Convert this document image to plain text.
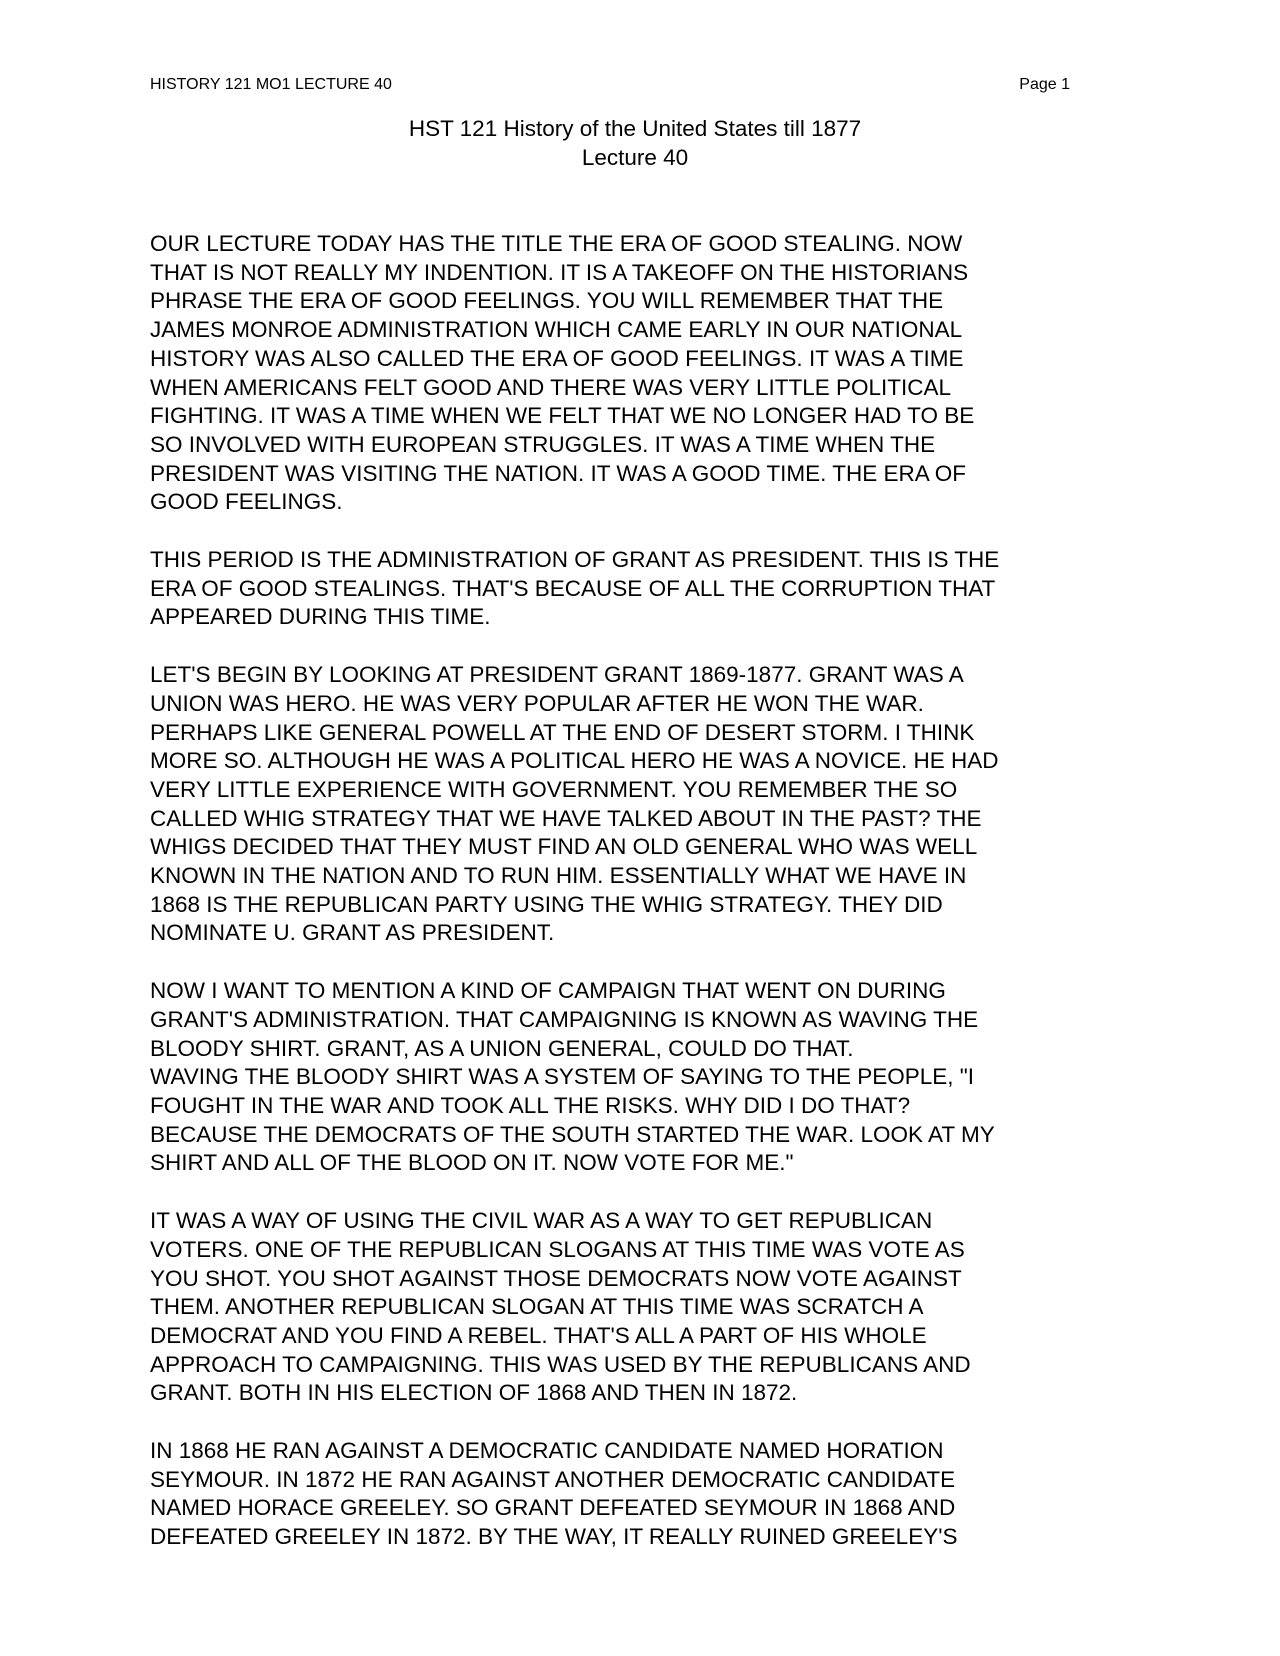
HISTORY 121 MO1 LECTURE 40	Page 1
HST 121 History of the United States till 1877
Lecture 40
OUR LECTURE TODAY HAS THE TITLE THE ERA OF GOOD STEALING. NOW
THAT IS NOT REALLY MY INDENTION. IT IS A TAKEOFF ON THE HISTORIANS
PHRASE THE ERA OF GOOD FEELINGS. YOU WILL REMEMBER THAT THE
JAMES MONROE ADMINISTRATION WHICH CAME EARLY IN OUR NATIONAL
HISTORY WAS ALSO CALLED THE ERA OF GOOD FEELINGS. IT WAS A TIME
WHEN AMERICANS FELT GOOD AND THERE WAS VERY LITTLE POLITICAL
FIGHTING. IT WAS A TIME WHEN WE FELT THAT WE NO LONGER HAD TO BE
SO INVOLVED WITH EUROPEAN STRUGGLES. IT WAS A TIME WHEN THE
PRESIDENT WAS VISITING THE NATION. IT WAS A GOOD TIME. THE ERA OF
GOOD FEELINGS.
THIS PERIOD IS THE ADMINISTRATION OF GRANT AS PRESIDENT. THIS IS THE
ERA OF GOOD STEALINGS. THAT'S BECAUSE OF ALL THE CORRUPTION THAT
APPEARED DURING THIS TIME.
LET'S BEGIN BY LOOKING AT PRESIDENT GRANT 1869-1877. GRANT WAS A
UNION WAS HERO. HE WAS VERY POPULAR AFTER HE WON THE WAR.
PERHAPS LIKE GENERAL POWELL AT THE END OF DESERT STORM. I THINK
MORE SO. ALTHOUGH HE WAS A POLITICAL HERO HE WAS A NOVICE. HE HAD
VERY LITTLE EXPERIENCE WITH GOVERNMENT. YOU REMEMBER THE SO
CALLED WHIG STRATEGY THAT WE HAVE TALKED ABOUT IN THE PAST? THE
WHIGS DECIDED THAT THEY MUST FIND AN OLD GENERAL WHO WAS WELL
KNOWN IN THE NATION AND TO RUN HIM. ESSENTIALLY WHAT WE HAVE IN
1868 IS THE REPUBLICAN PARTY USING THE WHIG STRATEGY. THEY DID
NOMINATE U. GRANT AS PRESIDENT.
NOW I WANT TO MENTION A KIND OF CAMPAIGN THAT WENT ON DURING
GRANT'S ADMINISTRATION. THAT CAMPAIGNING IS KNOWN AS WAVING THE
BLOODY SHIRT. GRANT, AS A UNION GENERAL, COULD DO THAT.
WAVING THE BLOODY SHIRT WAS A SYSTEM OF SAYING TO THE PEOPLE, "I
FOUGHT IN THE WAR AND TOOK ALL THE RISKS. WHY DID I DO THAT?
BECAUSE THE DEMOCRATS OF THE SOUTH STARTED THE WAR. LOOK AT MY
SHIRT AND ALL OF THE BLOOD ON IT. NOW VOTE FOR ME."
IT WAS A WAY OF USING THE CIVIL WAR AS A WAY TO GET REPUBLICAN
VOTERS. ONE OF THE REPUBLICAN SLOGANS AT THIS TIME WAS VOTE AS
YOU SHOT. YOU SHOT AGAINST THOSE DEMOCRATS NOW VOTE AGAINST
THEM. ANOTHER REPUBLICAN SLOGAN AT THIS TIME WAS SCRATCH A
DEMOCRAT AND YOU FIND A REBEL. THAT'S ALL A PART OF HIS WHOLE
APPROACH TO CAMPAIGNING. THIS WAS USED BY THE REPUBLICANS AND
GRANT. BOTH IN HIS ELECTION OF 1868 AND THEN IN 1872.
IN 1868 HE RAN AGAINST A DEMOCRATIC CANDIDATE NAMED HORATION
SEYMOUR. IN 1872 HE RAN AGAINST ANOTHER DEMOCRATIC CANDIDATE
NAMED HORACE GREELEY. SO GRANT DEFEATED SEYMOUR IN 1868 AND
DEFEATED GREELEY IN 1872. BY THE WAY, IT REALLY RUINED GREELEY'S
